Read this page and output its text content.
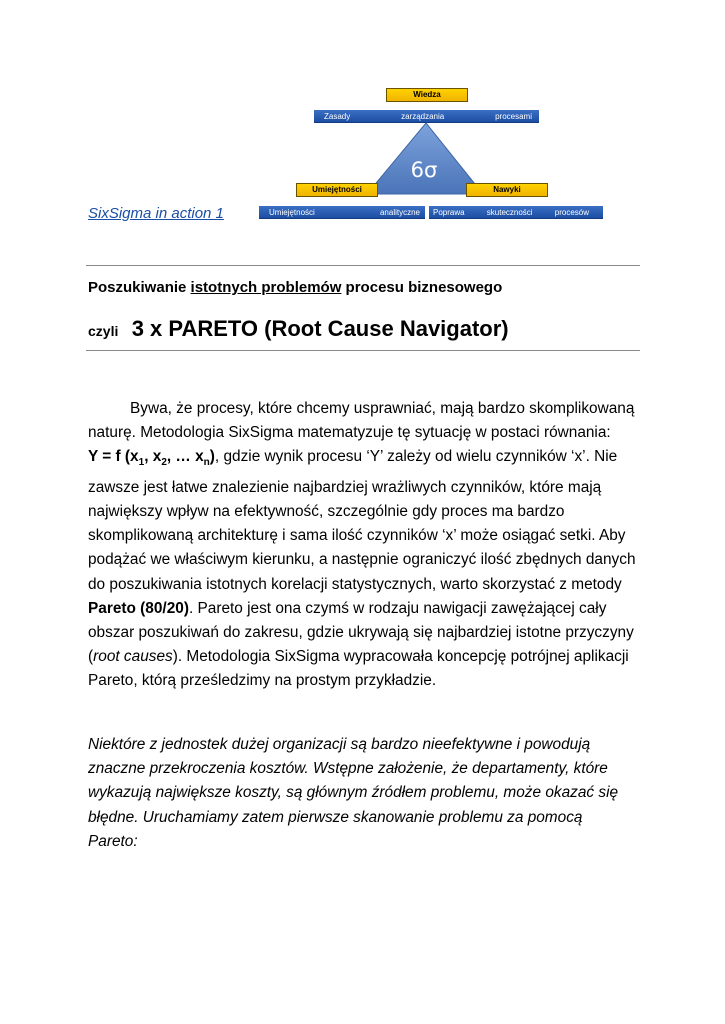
Wiedza
Zasady	zarządzania	procesami
6σ
Umiejętności	Nawyki
Umiejętności	analityczne Poprawa	skuteczności	procesów
SixSigma in action 1
Poszukiwanie istotnych problemów procesu biznesowego
czyli 3 x PARETO (Root Cause Navigator)
Bywa, że procesy, które chcemy usprawniać, mają bardzo skomplikowaną
naturę. Metodologia SixSigma matematyzuje tę sytuację w postaci równania:
Y = f ($x_1$, $x_2$, … $x_n$), gdzie wynik procesu ‘Y’ zależy od wielu czynników ‘x’. Nie
zawsze jest łatwe znalezienie najbardziej wrażliwych czynników, które mają
największy wpływ na efektywność, szczególnie gdy proces ma bardzo
skomplikowaną architekturę i sama ilość czynników ‘x’ może osiągać setki. Aby
podążać we właściwym kierunku, a następnie ograniczyć ilość zbędnych danych
do poszukiwania istotnych korelacji statystycznych, warto skorzystać z metody
Pareto (80/20). Pareto jest ona czymś w rodzaju nawigacji zawężającej cały
obszar poszukiwań do zakresu, gdzie ukrywają się najbardziej istotne przyczyny
(root causes). Metodologia SixSigma wypracowała koncepcję potrójnej aplikacji
Pareto, którą prześledzimy na prostym przykładzie.
Niektóre z jednostek dużej organizacji są bardzo nieefektywne i powodują
znaczne przekroczenia kosztów. Wstępne założenie, że departamenty, które
wykazują największe koszty, są głównym źródłem problemu, może okazać się
błędne. Uruchamiamy zatem pierwsze skanowanie problemu za pomocą
Pareto:
